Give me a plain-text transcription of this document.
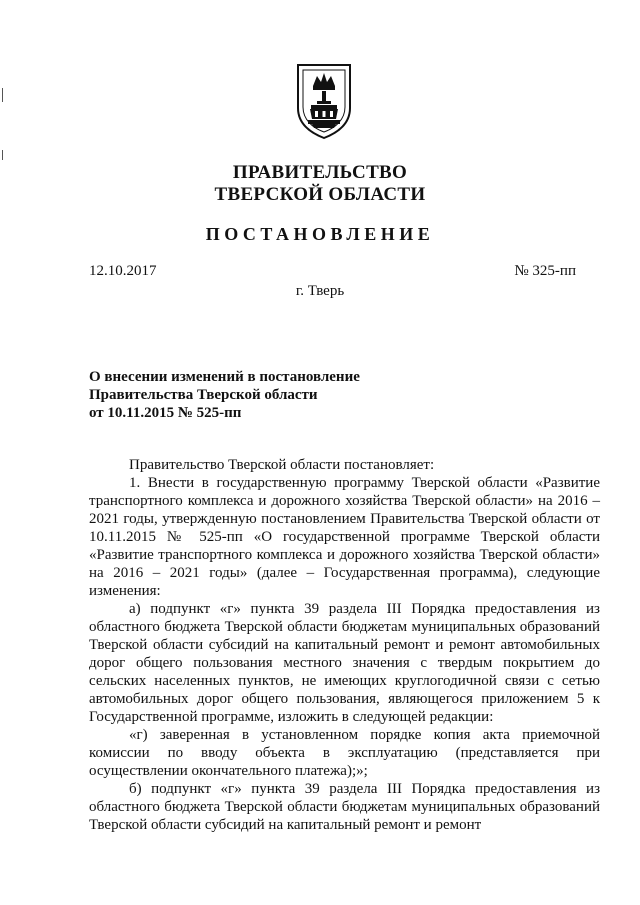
ПРАВИТЕЛЬСТВО
ТВЕРСКОЙ ОБЛАСТИ
ПОСТАНОВЛЕНИЕ
12.10.2017	№ 325-пп
г. Тверь
О внесении изменений в постановление
Правительства Тверской области
от 10.11.2015 № 525-пп

Правительство Тверской области постановляет:

1. Внести в государственную программу Тверской области «Развитие транспортного комплекса и дорожного хозяйства Тверской области» на 2016 – 2021 годы, утвержденную постановлением Правительства Тверской области от 10.11.2015 № 525-пп «О государственной программе Тверской области «Развитие транспортного комплекса и дорожного хозяйства Тверской области» на 2016 – 2021 годы» (далее – Государственная программа), следующие изменения:

а) подпункт «г» пункта 39 раздела III Порядка предоставления из областного бюджета Тверской области бюджетам муниципальных образований Тверской области субсидий на капитальный ремонт и ремонт автомобильных дорог общего пользования местного значения с твердым покрытием до сельских населенных пунктов, не имеющих круглогодичной связи с сетью автомобильных дорог общего пользования, являющегося приложением 5 к Государственной программе, изложить в следующей редакции:

«г) заверенная в установленном порядке копия акта приемочной комиссии по вводу объекта в эксплуатацию (представляется при осуществлении окончательного платежа);»;

б) подпункт «г» пункта 39 раздела III Порядка предоставления из областного бюджета Тверской области бюджетам муниципальных образований Тверской области субсидий на капитальный ремонт и ремонт
